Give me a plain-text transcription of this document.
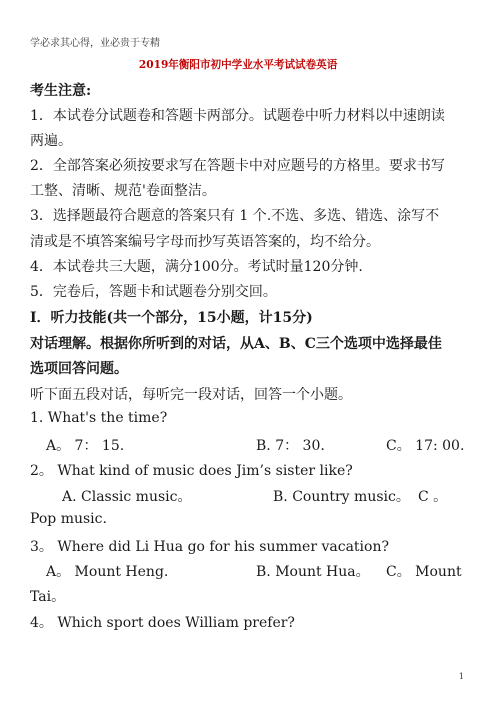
学必求其心得，业必贵于专精
2019年衡阳市初中学业水平考试试卷英语
考生注意:
1．本试卷分试题卷和答题卡两部分。试题卷中听力材料以中速朗读
两遍。
2．全部答案必须按要求写在答题卡中对应题号的方格里。要求书写
工整、清晰、规范'卷面整洁。
3．选择题最符合题意的答案只有 1 个.不选、多选、错选、涂写不
清或是不填答案编号字母而抄写英语答案的，均不给分。
4．本试卷共三大题，满分100分。考试时量120分钟.
5．完卷后，答题卡和试题卷分别交回。
I．听力技能(共一个部分，15小题，计15分)
对话理解。根据你所听到的对话，从A、B、C三个选项中选择最佳
选项回答问题。
听下面五段对话，每听完一段对话，回答一个小题。
1. What's the time?
A。 7： 15.	B. 7： 30.	C。 17: 00.
2。 What kind of music does Jim’s sister like?
A. Classic music。	B. Country music。 C 。
Pop music.
3。 Where did Li Hua go for his summer vacation?
A。 Mount Heng.	B. Mount Hua。 C。 Mount
Tai。
4。 Which sport does William prefer?
1
